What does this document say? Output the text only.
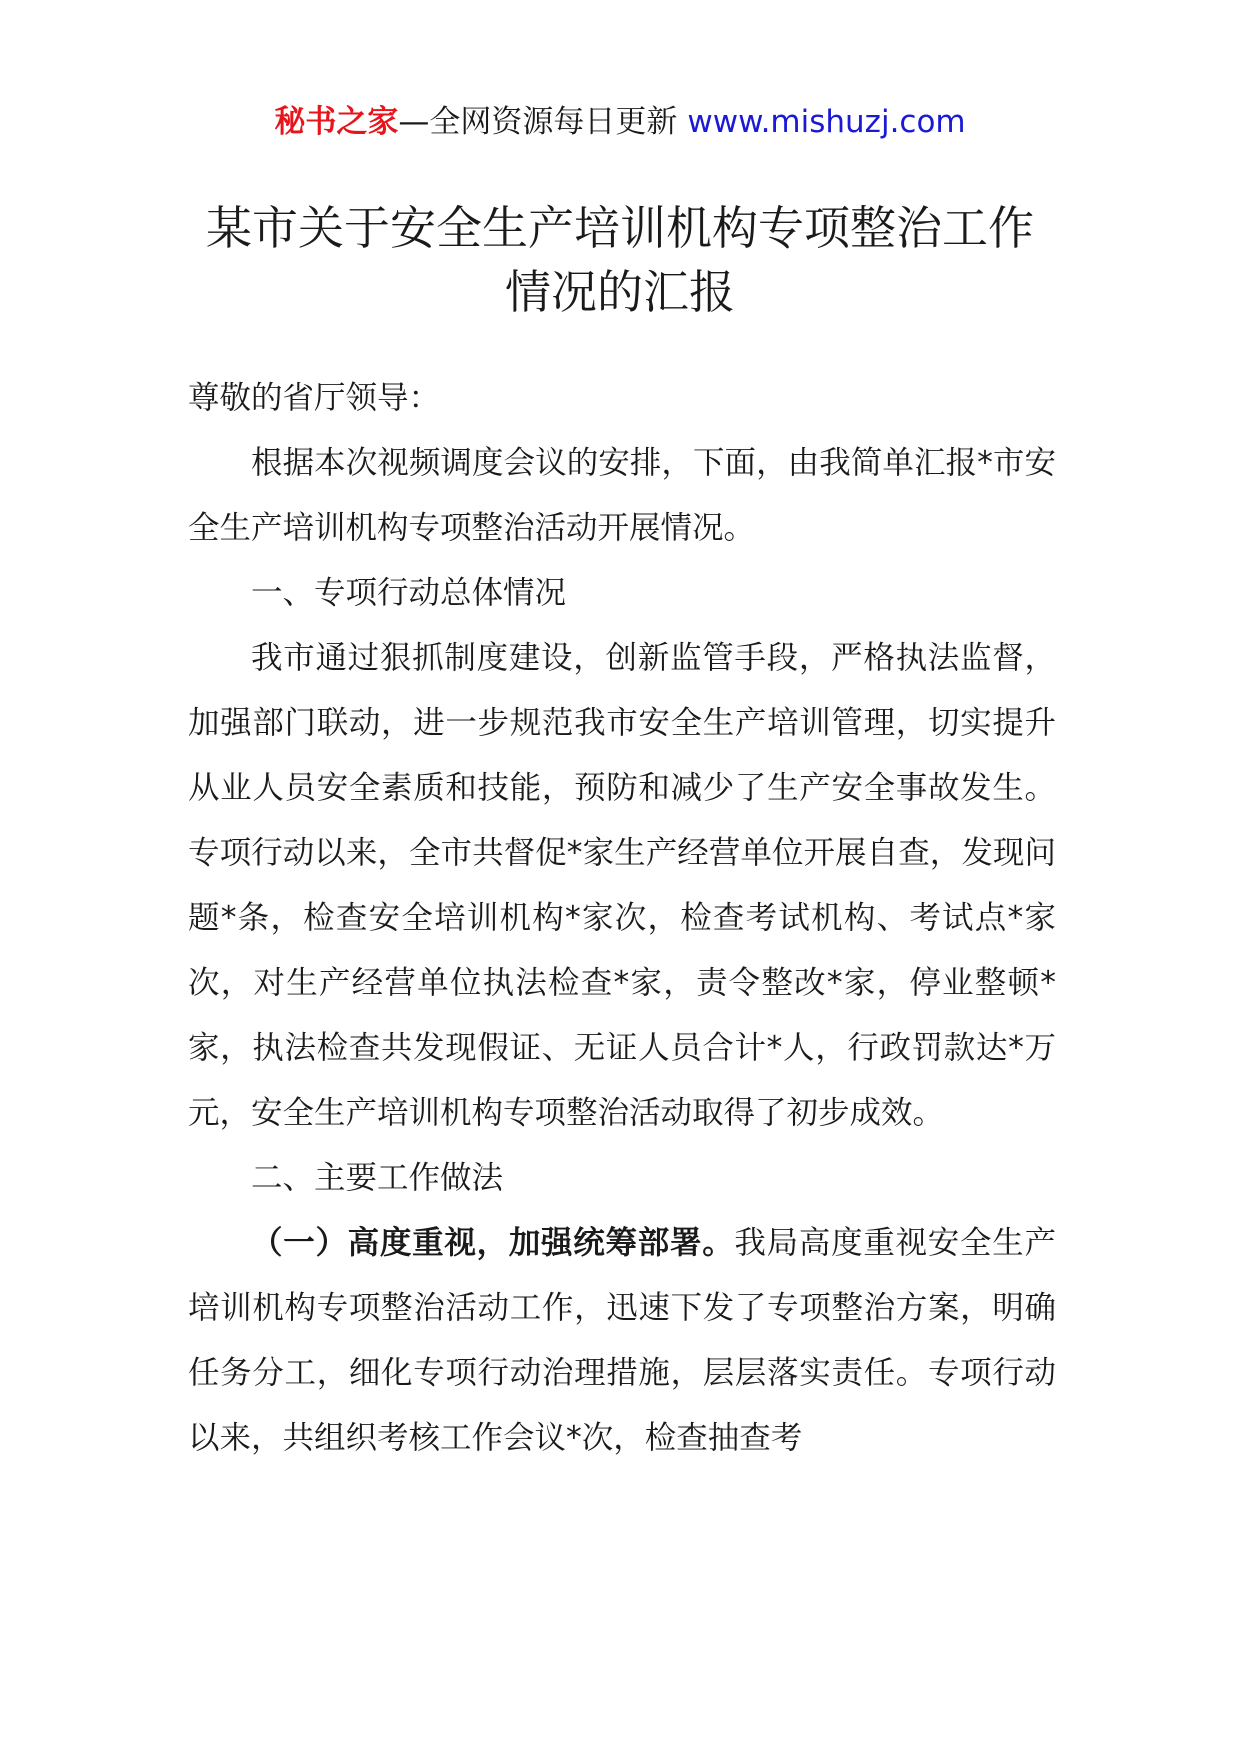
秘书之家—全网资源每日更新 www.mishuzj.com
某市关于安全生产培训机构专项整治工作
情况的汇报

尊敬的省厅领导：

根据本次视频调度会议的安排，下面，由我简单汇报*市安全生产培训机构专项整治活动开展情况。

一、专项行动总体情况

我市通过狠抓制度建设，创新监管手段，严格执法监督，加强部门联动，进一步规范我市安全生产培训管理，切实提升从业人员安全素质和技能，预防和减少了生产安全事故发生。专项行动以来，全市共督促*家生产经营单位开展自查，发现问题*条，检查安全培训机构*家次，检查考试机构、考试点*家次，对生产经营单位执法检查*家，责令整改*家，停业整顿*家，执法检查共发现假证、无证人员合计*人，行政罚款达*万元，安全生产培训机构专项整治活动取得了初步成效。

二、主要工作做法

（一）高度重视，加强统筹部署。我局高度重视安全生产培训机构专项整治活动工作，迅速下发了专项整治方案，明确任务分工，细化专项行动治理措施，层层落实责任。专项行动以来，共组织考核工作会议*次，检查抽查考
